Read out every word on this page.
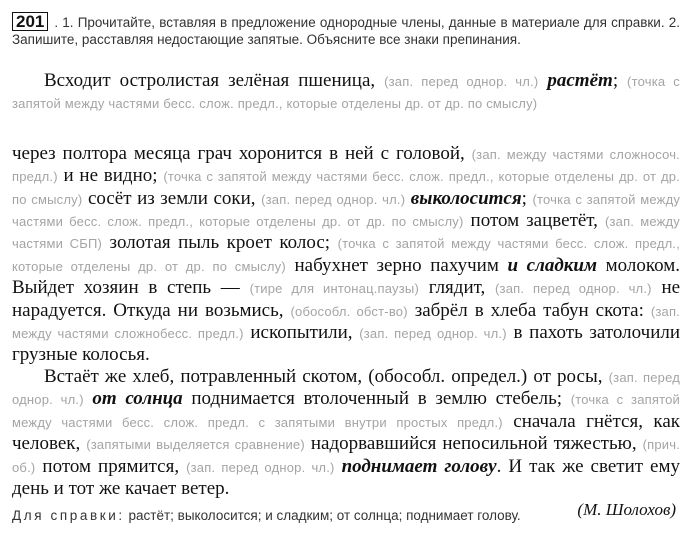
201 . 1. Прочитайте, вставляя в предложение однородные члены, данные в материале для справки. 2. Запишите, расставляя недостающие запятые. Объясните все знаки препинания.

Всходит остролистая зелёная пшеница, (зап. перед однор. чл.) растёт; (точка с запятой между частями бесс. слож. предл., которые отделены др. от др. по смыслу)

через полтора месяца грач хоронится в ней с головой, (зап. между частями сложносоч. предл.) и не видно; (точка с запятой между частями бесс. слож. предл., которые отделены др. от др. по смыслу) сосёт из земли соки, (зап. перед однор. чл.) выколосится; (точка с запятой между частями бесс. слож. предл., которые отделены др. от др. по смыслу) потом зацветёт, (зап. между частями СБП) золотая пыль кроет колос; (точка с запятой между частями бесс. слож. предл., которые отделены др. от др. по смыслу) набухнет зерно пахучим и сладким молоком. Выйдет хозяин в степь — (тире для интонац.паузы) глядит, (зап. перед однор. чл.) не нарадуется. Откуда ни возьмись, (обособл. обст-во) забрёл в хлеба табун скота: (зап. между частями сложнобесс. предл.) ископытили, (зап. перед однор. чл.) в пахоть затолочили грузные колосья.

Встаёт же хлеб, потравленный скотом, (обособл. определ.) от росы, (зап. перед однор. чл.) от солнца поднимается втолоченный в землю стебель; (точка с запятой между частями бесс. слож. предл. с запятыми внутри простых предл.) сначала гнётся, как человек, (запятыми выделяется сравнение) надорвавшийся непосильной тяжестью, (прич. об.) потом прямится, (зап. перед однор. чл.) поднимает голову. И так же светит ему день и тот же качает ветер.

(М. Шолохов)
Для справки: растёт; выколосится; и сладким; от солнца; поднимает голову.
